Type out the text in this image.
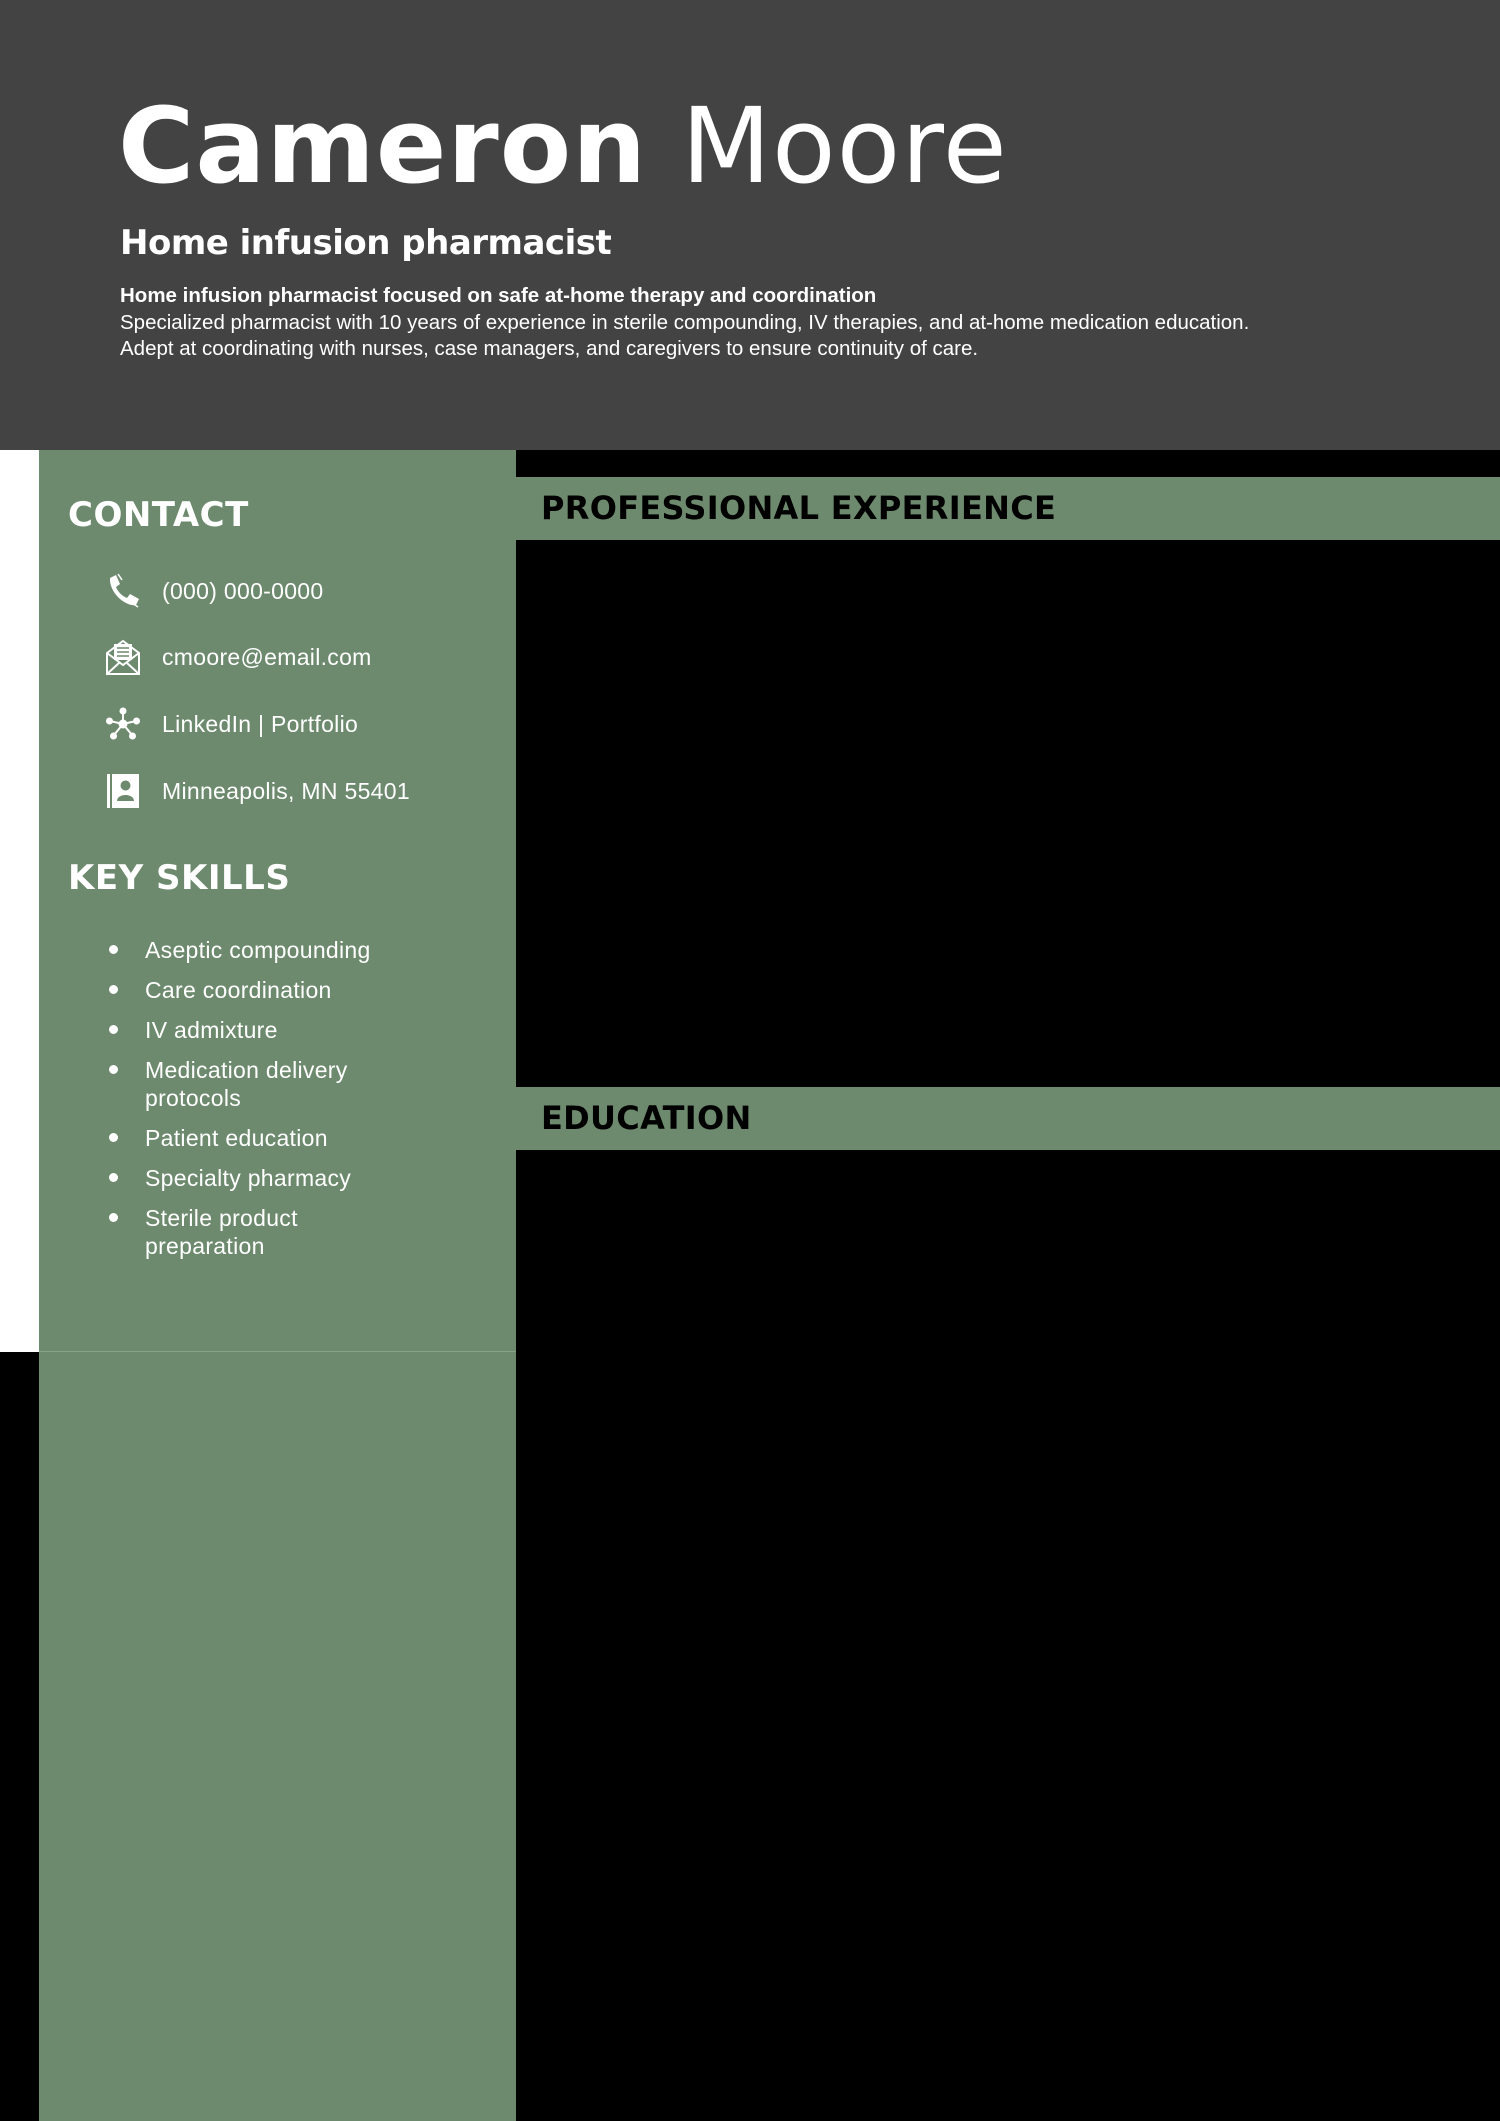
Cameron Moore
Home infusion pharmacist
Home infusion pharmacist focused on safe at-home therapy and coordination
Specialized pharmacist with 10 years of experience in sterile compounding, IV therapies, and at-home medication education.
Adept at coordinating with nurses, case managers, and caregivers to ensure continuity of care.
CONTACT
(000) 000-0000
cmoore@email.com
LinkedIn | Portfolio
Minneapolis, MN 55401
KEY SKILLS
Aseptic compounding
Care coordination
IV admixture
Medication delivery protocols
Patient education
Specialty pharmacy
Sterile product preparation
PROFESSIONAL EXPERIENCE
EDUCATION
